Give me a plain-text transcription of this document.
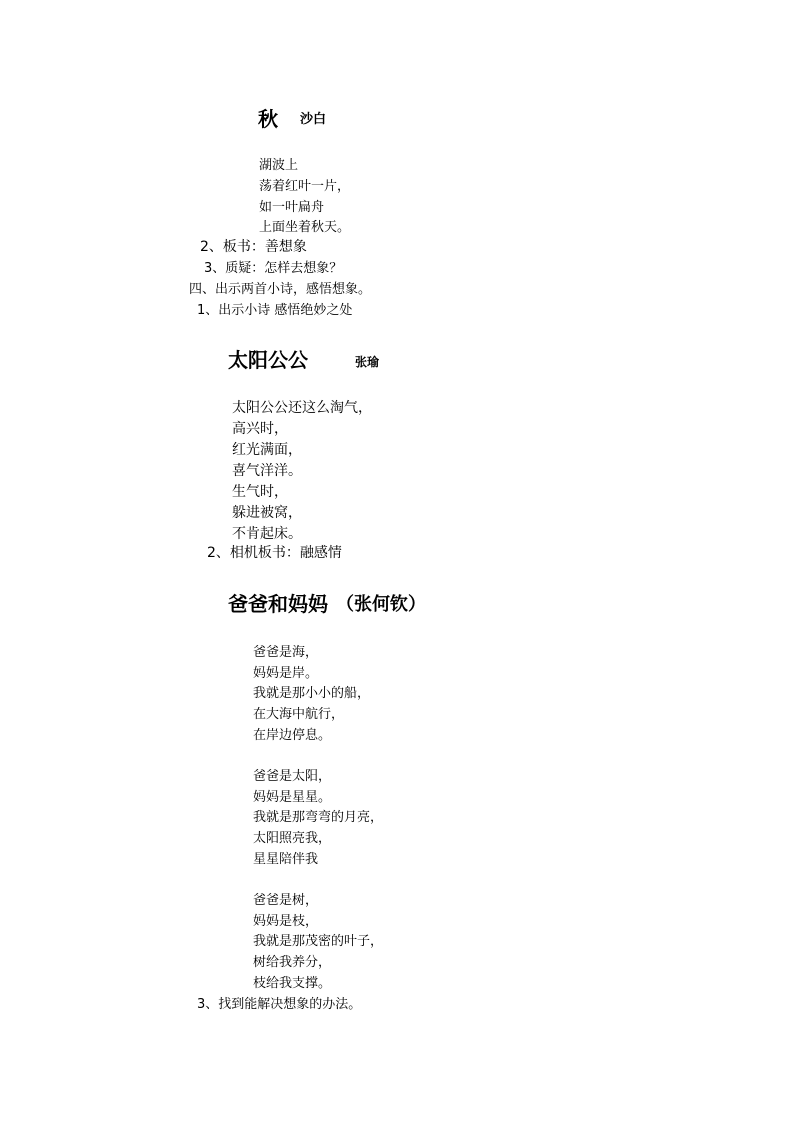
秋 沙白
湖波上
荡着红叶一片，
如一叶扁舟
上面坐着秋天。
2、板书：善想象
3、质疑：怎样去想象？
四、出示两首小诗，感悟想象。
1、出示小诗 感悟绝妙之处
太阳公公	张瑜
太阳公公还这么淘气，
高兴时，
红光满面，
喜气洋洋。
生气时，
躲进被窝，
不肯起床。
2、相机板书：融感情
爸爸和妈妈 （张何钦）
爸爸是海，
妈妈是岸。
我就是那小小的船，
在大海中航行，
在岸边停息。
爸爸是太阳，
妈妈是星星。
我就是那弯弯的月亮，
太阳照亮我，
星星陪伴我
爸爸是树，
妈妈是枝，
我就是那茂密的叶子，
树给我养分，
枝给我支撑。
3、找到能解决想象的办法。
